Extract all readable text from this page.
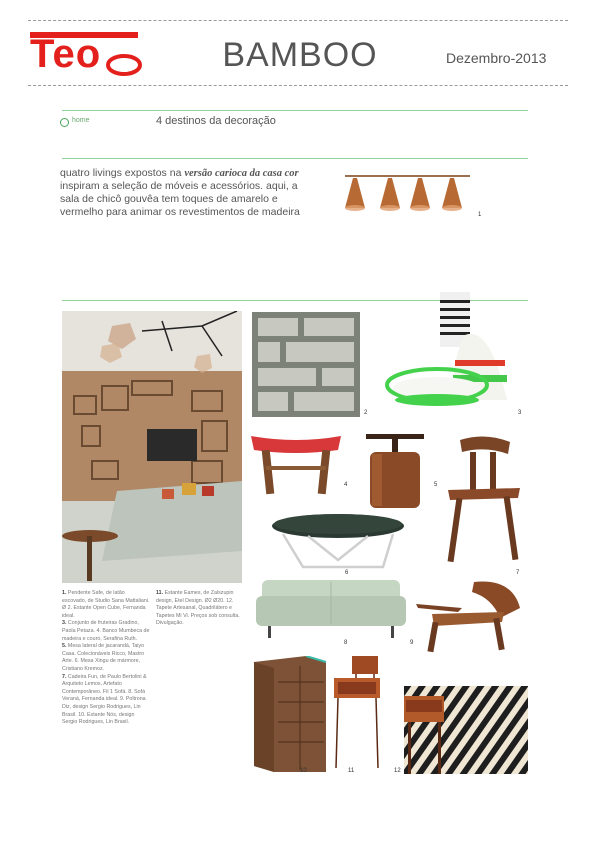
Teo	BAMBOO	Dezembro-2013
home	4 destinos da decoração
quatro livings expostos na versão carioca da casa cor inspiram a seleção de móveis e acessórios. aqui, a sala de chicô gouvêa tem toques de amarelo e vermelho para animar os revestimentos de madeira	1
2	3
4	5
7
6
8	9
10	11	12
1. Pendente Safe, de latão escovado, de Studio Sana Mattaliani. Ø 2. Estante Open Cube, Fernanda ideal.
3. Conjunto de fruteiras Gradino, Paola Petaza. 4. Banco Mumbeca de madeira e couro, Serafina Ruth.
5. Mesa lateral de jacarandá, Taiyo Casa. Colecionáveis Ricco, Mastro Arte. 6. Mesa Xingu de mármore, Cristiano Kremoz.
7. Cadeira Fun, de Paulo Bertolini & Arquiteto Lemos, Artefato Contemporâneo. Fil 1 Sofá. 8. Sofá Veraná, Fernanda ideal. 9. Poltrona Diz, design Sergio Rodrigues, Lin Brasil. 10. Estante Nós, design Sergio Rodrigues, Lin Brasil.
11. Estante Eames, de Zalszupin design, Etel Design. Ø2 Ø20. 12. Tapete Artesanal, Quadrilátero e Tapetes Mi Vi. Preços sob consulta. Divulgação.
